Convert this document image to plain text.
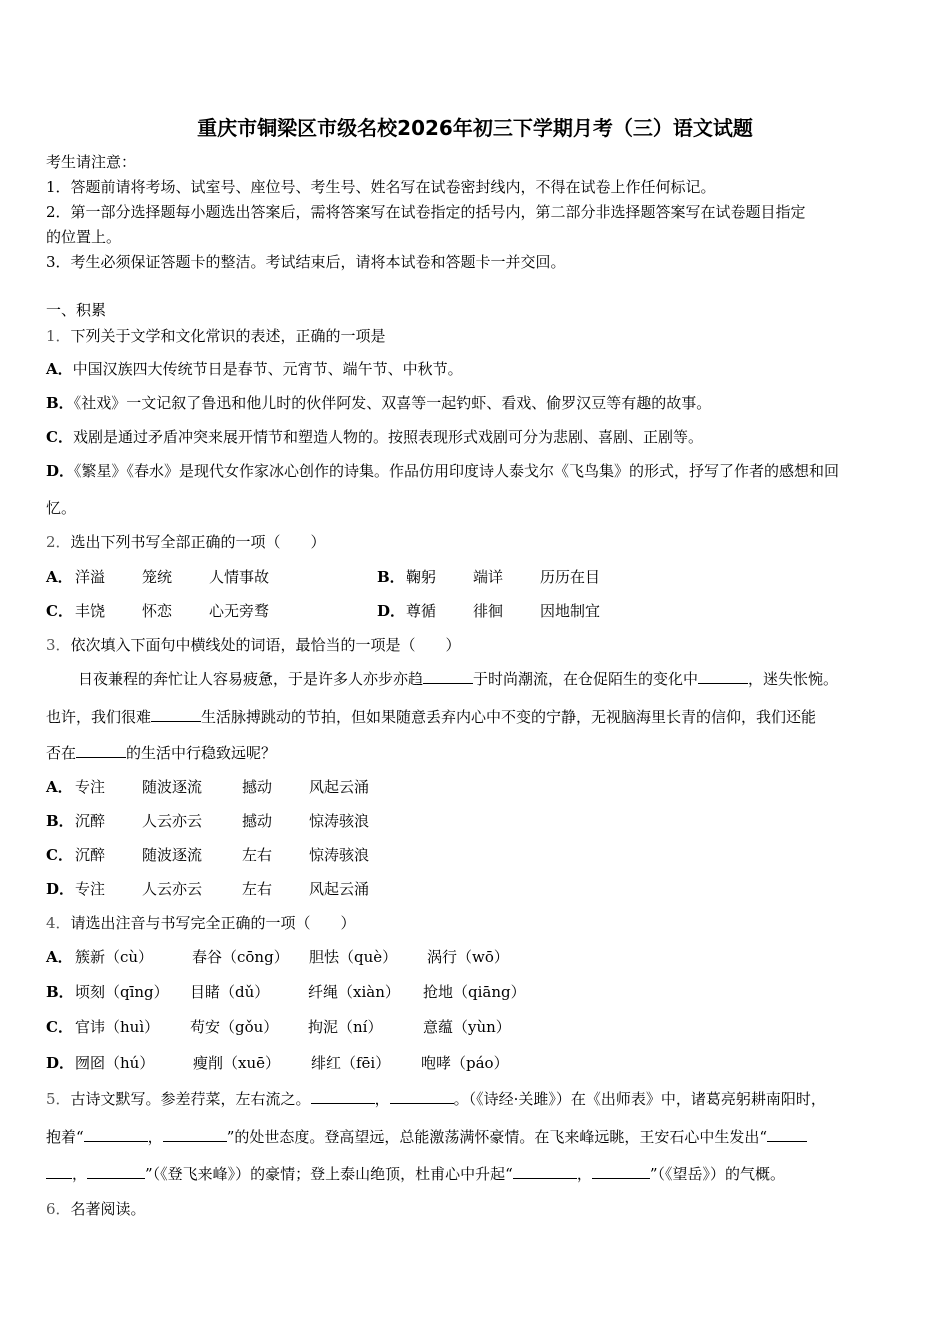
重庆市铜梁区市级名校2026年初三下学期月考（三）语文试题
考生请注意：
1．答题前请将考场、试室号、座位号、考生号、姓名写在试卷密封线内，不得在试卷上作任何标记。
2．第一部分选择题每小题选出答案后，需将答案写在试卷指定的括号内，第二部分非选择题答案写在试卷题目指定
的位置上。
3．考生必须保证答题卡的整洁。考试结束后，请将本试卷和答题卡一并交回。
一、积累
1．下列关于文学和文化常识的表述，正确的一项是
A．中国汉族四大传统节日是春节、元宵节、端午节、中秋节。
B．《社戏》一文记叙了鲁迅和他儿时的伙伴阿发、双喜等一起钓虾、看戏、偷罗汉豆等有趣的故事。
C．戏剧是通过矛盾冲突来展开情节和塑造人物的。按照表现形式戏剧可分为悲剧、喜剧、正剧等。
D．《繁星》《春水》是现代女作家冰心创作的诗集。作品仿用印度诗人泰戈尔《飞鸟集》的形式，抒写了作者的感想和回
忆。
2．选出下列书写全部正确的一项（　　）
A． 洋溢 笼统 人情事故	B． 鞠躬 端详 历历在目
C． 丰饶 怀恋 心无旁骛	D． 尊循 徘徊 因地制宜
3．依次填入下面句中横线处的词语，最恰当的一项是（　　）
日夜兼程的奔忙让人容易疲惫，于是许多人亦步亦趋	于时尚潮流，在仓促陌生的变化中	，迷失怅惋。
也许，我们很难	生活脉搏跳动的节拍，但如果随意丢弃内心中不变的宁静，无视脑海里长青的信仰，我们还能
否在	的生活中行稳致远呢？
A． 专注 随波逐流	撼动 风起云涌
B． 沉醉 人云亦云	撼动 惊涛骇浪
C． 沉醉 随波逐流	左右 惊涛骇浪
D． 专注 人云亦云	左右 风起云涌
4．请选出注音与书写完全正确的一项（　　）
A． 簇新（cù）	春谷（cōng） 胆怯（què） 涡行（wō）
B． 顷刻（qīng） 目睹（dǔ）	纤绳（xiàn） 抢地（qiāng）
C． 官讳（huì） 苟安（gǒu） 拘泥（ní）	意蕴（yùn）
D． 囫囵（hú）	瘦削（xuē） 绯红（fēi） 咆哮（páo）
5．古诗文默写。参差荇菜，左右流之。	，	。（《诗经·关雎》）在《出师表》中，诸葛亮躬耕南阳时，
抱着“	，	”的处世态度。登高望远，总能激荡满怀豪情。在飞来峰远眺，王安石心中生发出“
，	”（《登飞来峰》）的豪情；登上泰山绝顶，杜甫心中升起“	，	”（《望岳》）的气概。
6．名著阅读。
